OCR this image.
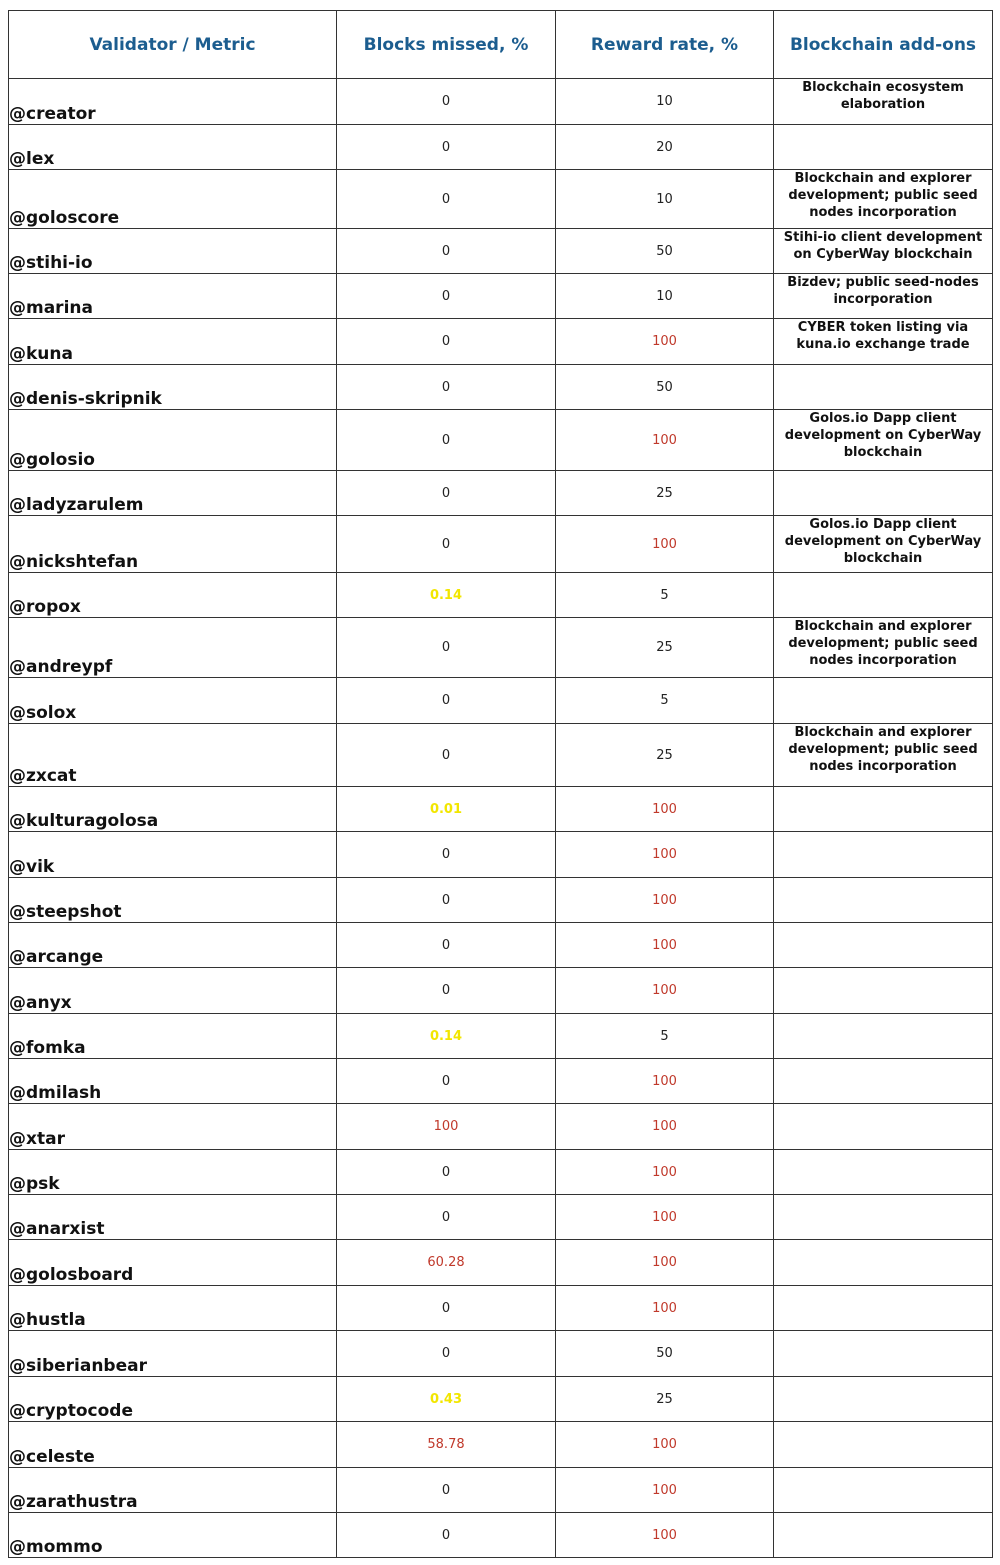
Validator / Metric	Blocks missed, %	Reward rate, %	Blockchain add-ons
@creator	0	10	Blockchain ecosystem elaboration
@lex	0	20	
@goloscore	0	10	Blockchain and explorer development; public seed nodes incorporation
@stihi-io	0	50	Stihi-io client development on CyberWay blockchain
@marina	0	10	Bizdev; public seed-nodes incorporation
@kuna	0	100	CYBER token listing via kuna.io exchange trade
@denis-skripnik	0	50	
@golosio	0	100	Golos.io Dapp client development on CyberWay blockchain
@ladyzarulem	0	25	
@nickshtefan	0	100	Golos.io Dapp client development on CyberWay blockchain
@ropox	0.14	5	
@andreypf	0	25	Blockchain and explorer development; public seed nodes incorporation
@solox	0	5	
@zxcat	0	25	Blockchain and explorer development; public seed nodes incorporation
@kulturagolosa	0.01	100	
@vik	0	100	
@steepshot	0	100	
@arcange	0	100	
@anyx	0	100	
@fomka	0.14	5	
@dmilash	0	100	
@xtar	100	100	
@psk	0	100	
@anarxist	0	100	
@golosboard	60.28	100	
@hustla	0	100	
@siberianbear	0	50	
@cryptocode	0.43	25	
@celeste	58.78	100	
@zarathustra	0	100	
@mommo	0	100	
